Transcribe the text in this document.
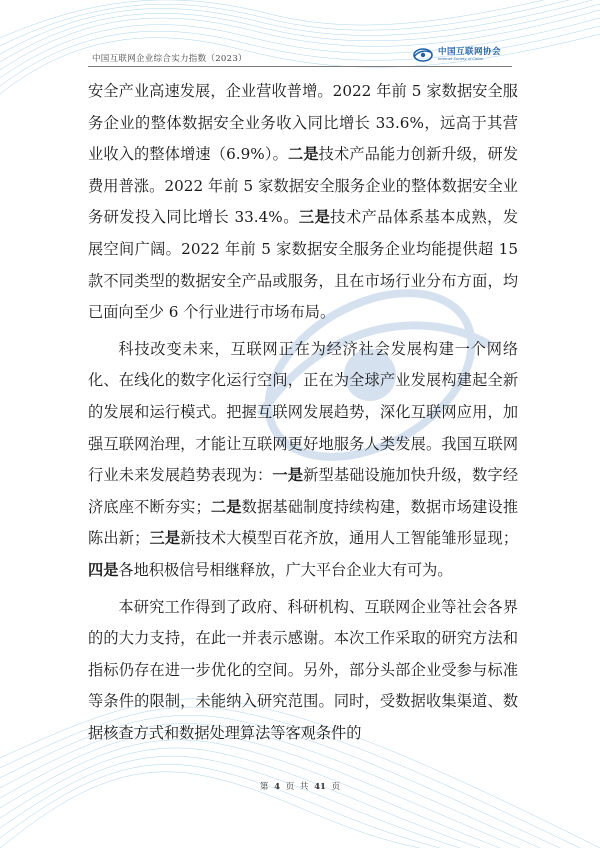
中国互联网企业综合实力指数（2023）
中国互联网协会
Internet Society of China

安全产业高速发展，企业营收普增。2022 年前 5 家数据安全服务企业的整体数据安全业务收入同比增长 33.6%，远高于其营业收入的整体增速（6.9%）。二是技术产品能力创新升级，研发费用普涨。2022 年前 5 家数据安全服务企业的整体数据安全业务研发投入同比增长 33.4%。三是技术产品体系基本成熟，发展空间广阔。2022 年前 5 家数据安全服务企业均能提供超 15 款不同类型的数据安全产品或服务，且在市场行业分布方面，均已面向至少 6 个行业进行市场布局。

科技改变未来，互联网正在为经济社会发展构建一个网络化、在线化的数字化运行空间，正在为全球产业发展构建起全新的发展和运行模式。把握互联网发展趋势，深化互联网应用，加强互联网治理，才能让互联网更好地服务人类发展。我国互联网行业未来发展趋势表现为：一是新型基础设施加快升级，数字经济底座不断夯实；二是数据基础制度持续构建，数据市场建设推陈出新；三是新技术大模型百花齐放，通用人工智能雏形显现；四是各地积极信号相继释放，广大平台企业大有可为。

本研究工作得到了政府、科研机构、互联网企业等社会各界的的大力支持，在此一并表示感谢。本次工作采取的研究方法和指标仍存在进一步优化的空间。另外，部分头部企业受参与标准等条件的限制，未能纳入研究范围。同时，受数据收集渠道、数据核查方式和数据处理算法等客观条件的

第 4 页 共 41 页
